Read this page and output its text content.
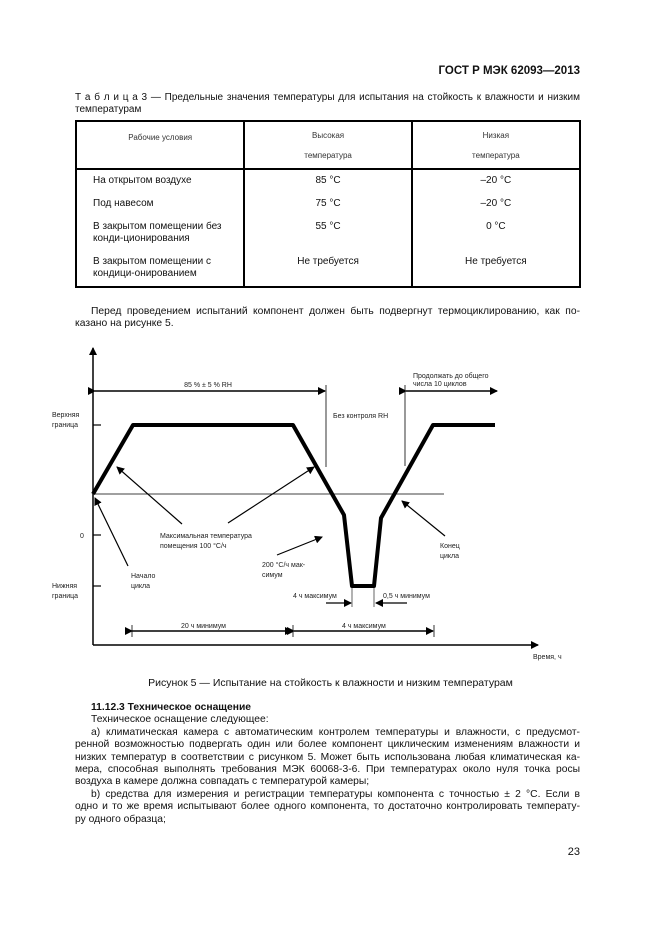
ГОСТ Р МЭК 62093—2013
Т а б л и ц а 3 — Предельные значения температуры для испытания на стойкость к влажности и низким
температурам
Рабочие условия	Высокая температура	Низкая температура
На открытом воздухе	85 °С	–20 °С
Под навесом	75 °С	–20 °С
В закрытом помещении без конди-ционирования	55 °С	0 °С
В закрытом помещении с кондици-онированием	Не требуется	Не требуется
Перед проведением испытаний компонент должен быть подвергнут термоциклированию, как по-
казано на рисунке 5.
85 % ± 5 % RH
Без контроля RH
Продолжать до общего
числа 10 циклов
Верхняя
граница
0
Нижняя
граница
Максимальная температура
помещения 100 °С/ч
200 °С/ч мак-
симум
Начало
цикла
Конец
цикла
4 ч максимум	0,5 ч минимум
20 ч минимум	4 ч максимум
Время, ч
Рисунок 5 — Испытание на стойкость к влажности и низким температурам
11.12.3 Техническое оснащение
Техническое оснащение следующее:
а) климатическая камера с автоматическим контролем температуры и влажности, с предусмот-
ренной возможностью подвергать один или более компонент циклическим изменениям влажности и
низких температур в соответствии с рисунком 5. Может быть использована любая климатическая ка-
мера, способная выполнять требования МЭК 60068-3-6. При температурах около нуля точка росы
воздуха в камере должна совпадать с температурой камеры;
b) средства для измерения и регистрации температуры компонента с точностью ± 2 °С. Если в
одно и то же время испытывают более одного компонента, то достаточно контролировать температу-
ру одного образца;
23
